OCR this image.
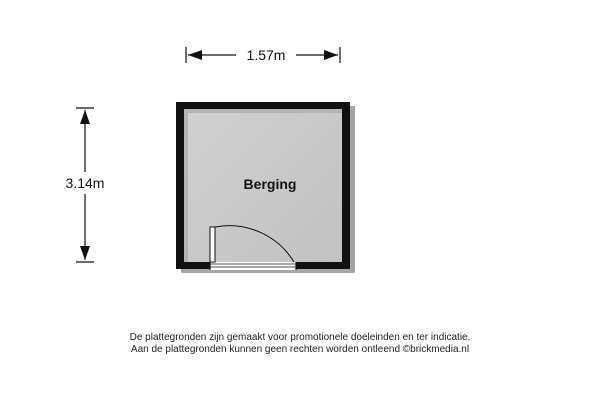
1.57m
3.14m	Berging
De plattegronden zijn gemaakt voor promotionele doeleinden en ter indicatie.
Aan de plattegronden kunnen geen rechten worden ontleend ©brickmedia.nl
